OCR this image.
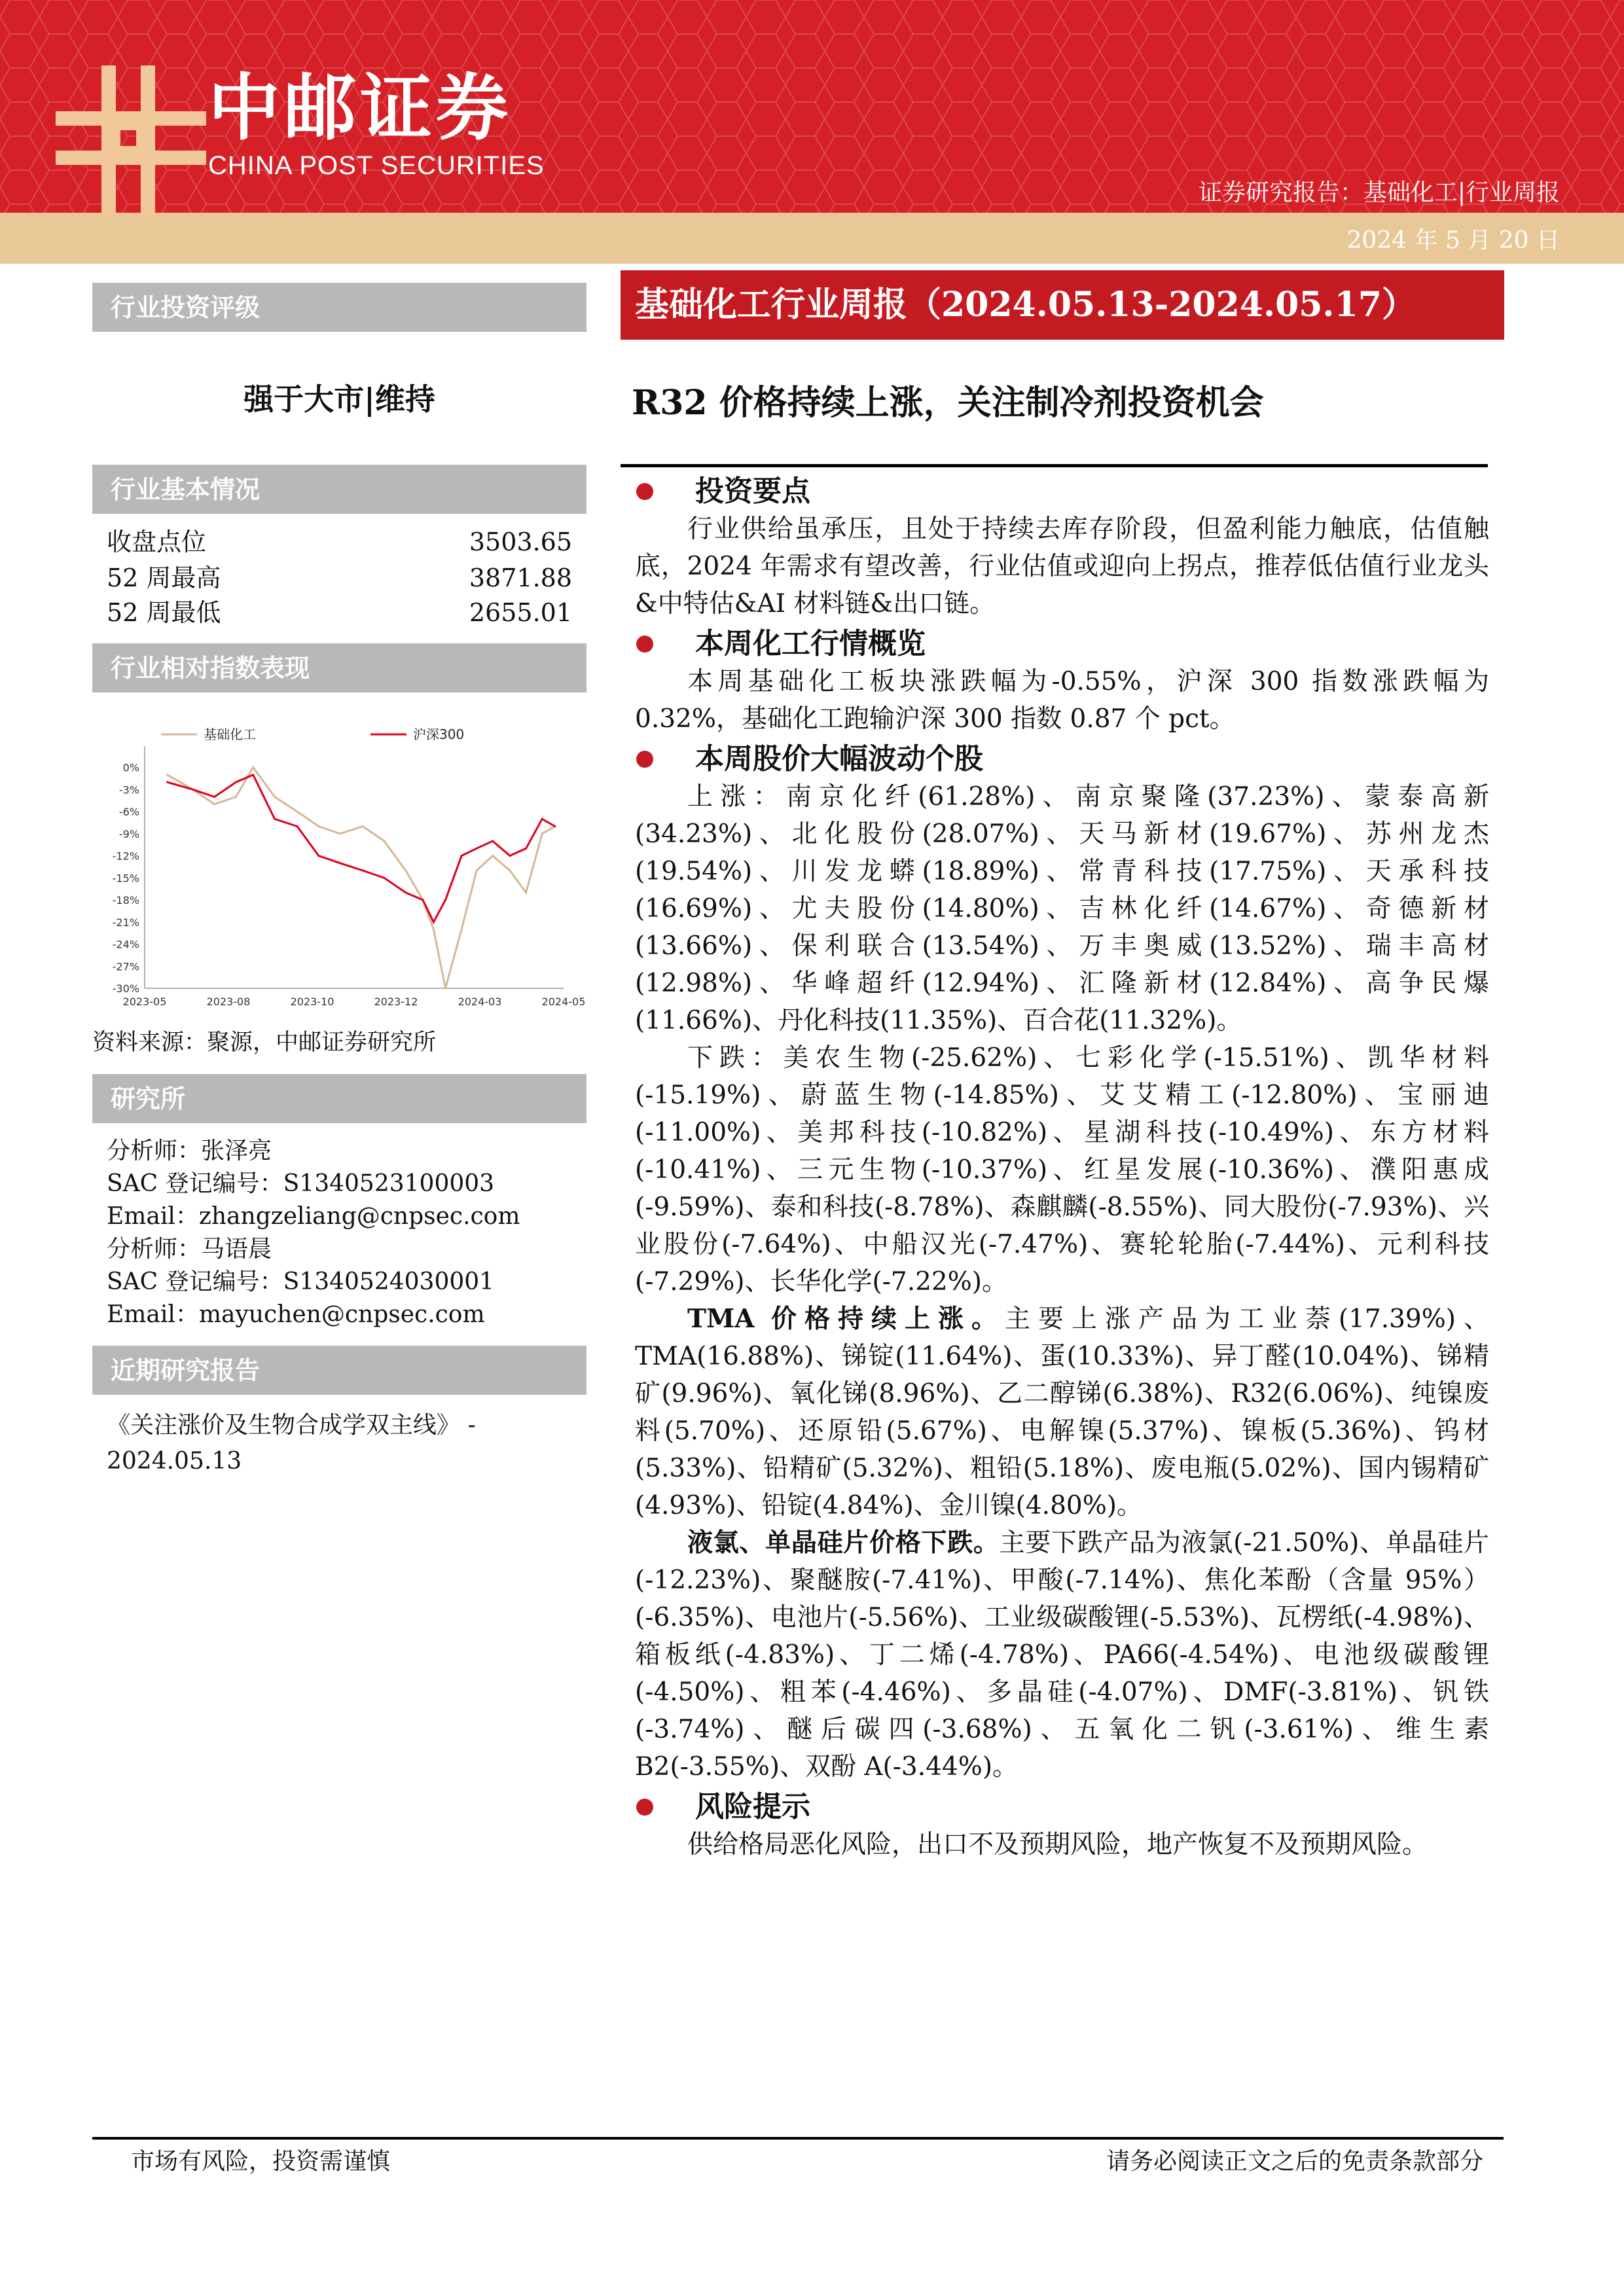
中邮证券
CHINA POST SECURITIES
证券研究报告：基础化工|行业周报
2024 年 5 月 20 日
行业投资评级
强于大市|维持
行业基本情况
收盘点位	3503.65
52 周最高	3871.88
52 周最低	2655.01
行业相对指数表现
0%
-3%
-6%
-9%
-12%
-15%
-18%
-21%
-24%
-27%
-30%
2023-05	2023-08	2023-10	2023-12	2024-03	2024-05
基础化工	沪深300
资料来源：聚源，中邮证券研究所
研究所
分析师：张泽亮
SAC 登记编号：S1340523100003
Email：zhangzeliang@cnpsec.com
分析师：马语晨
SAC 登记编号：S1340524030001
Email：mayuchen@cnpsec.com
近期研究报告
《关注涨价及生物合成学双主线》 - 2024.05.13
基础化工行业周报（2024.05.13-2024.05.17）
R32 价格持续上涨，关注制冷剂投资机会
投资要点
行业供给虽承压，且处于持续去库存阶段，但盈利能力触底，估值触底，2024 年需求有望改善，行业估值或迎向上拐点，推荐低估值行业龙头&中特估&AI 材料链&出口链。
本周化工行情概览
本周基础化工板块涨跌幅为-0.55%，沪深 300 指数涨跌幅为 0.32%，基础化工跑输沪深 300 指数 0.87 个 pct。
本周股价大幅波动个股
上涨：南京化纤(61.28%)、南京聚隆(37.23%)、蒙泰高新(34.23%)、北化股份(28.07%)、天马新材(19.67%)、苏州龙杰(19.54%)、川发龙蟒(18.89%)、常青科技(17.75%)、天承科技(16.69%)、尤夫股份(14.80%)、吉林化纤(14.67%)、奇德新材(13.66%)、保利联合(13.54%)、万丰奥威(13.52%)、瑞丰高材(12.98%)、华峰超纤(12.94%)、汇隆新材(12.84%)、高争民爆(11.66%)、丹化科技(11.35%)、百合花(11.32%)。
下跌：美农生物(-25.62%)、七彩化学(-15.51%)、凯华材料(-15.19%)、蔚蓝生物(-14.85%)、艾艾精工(-12.80%)、宝丽迪(-11.00%)、美邦科技(-10.82%)、星湖科技(-10.49%)、东方材料(-10.41%)、三元生物(-10.37%)、红星发展(-10.36%)、濮阳惠成(-9.59%)、泰和科技(-8.78%)、森麒麟(-8.55%)、同大股份(-7.93%)、兴业股份(-7.64%)、中船汉光(-7.47%)、赛轮轮胎(-7.44%)、元利科技(-7.29%)、长华化学(-7.22%)。
TMA 价格持续上涨。主要上涨产品为工业萘(17.39%)、TMA(16.88%)、锑锭(11.64%)、蛋(10.33%)、异丁醛(10.04%)、锑精矿(9.96%)、氧化锑(8.96%)、乙二醇锑(6.38%)、R32(6.06%)、纯镍废料(5.70%)、还原铅(5.67%)、电解镍(5.37%)、镍板(5.36%)、钨材(5.33%)、铅精矿(5.32%)、粗铅(5.18%)、废电瓶(5.02%)、国内锡精矿(4.93%)、铅锭(4.84%)、金川镍(4.80%)。
液氯、单晶硅片价格下跌。主要下跌产品为液氯(-21.50%)、单晶硅片(-12.23%)、聚醚胺(-7.41%)、甲酸(-7.14%)、焦化苯酚（含量 95%）(-6.35%)、电池片(-5.56%)、工业级碳酸锂(-5.53%)、瓦楞纸(-4.98%)、箱板纸(-4.83%)、丁二烯(-4.78%)、PA66(-4.54%)、电池级碳酸锂(-4.50%)、粗苯(-4.46%)、多晶硅(-4.07%)、DMF(-3.81%)、钒铁(-3.74%)、醚后碳四(-3.68%)、五氧化二钒(-3.61%)、维生素 B2(-3.55%)、双酚 A(-3.44%)。
风险提示
供给格局恶化风险，出口不及预期风险，地产恢复不及预期风险。
市场有风险，投资需谨慎	请务必阅读正文之后的免责条款部分
